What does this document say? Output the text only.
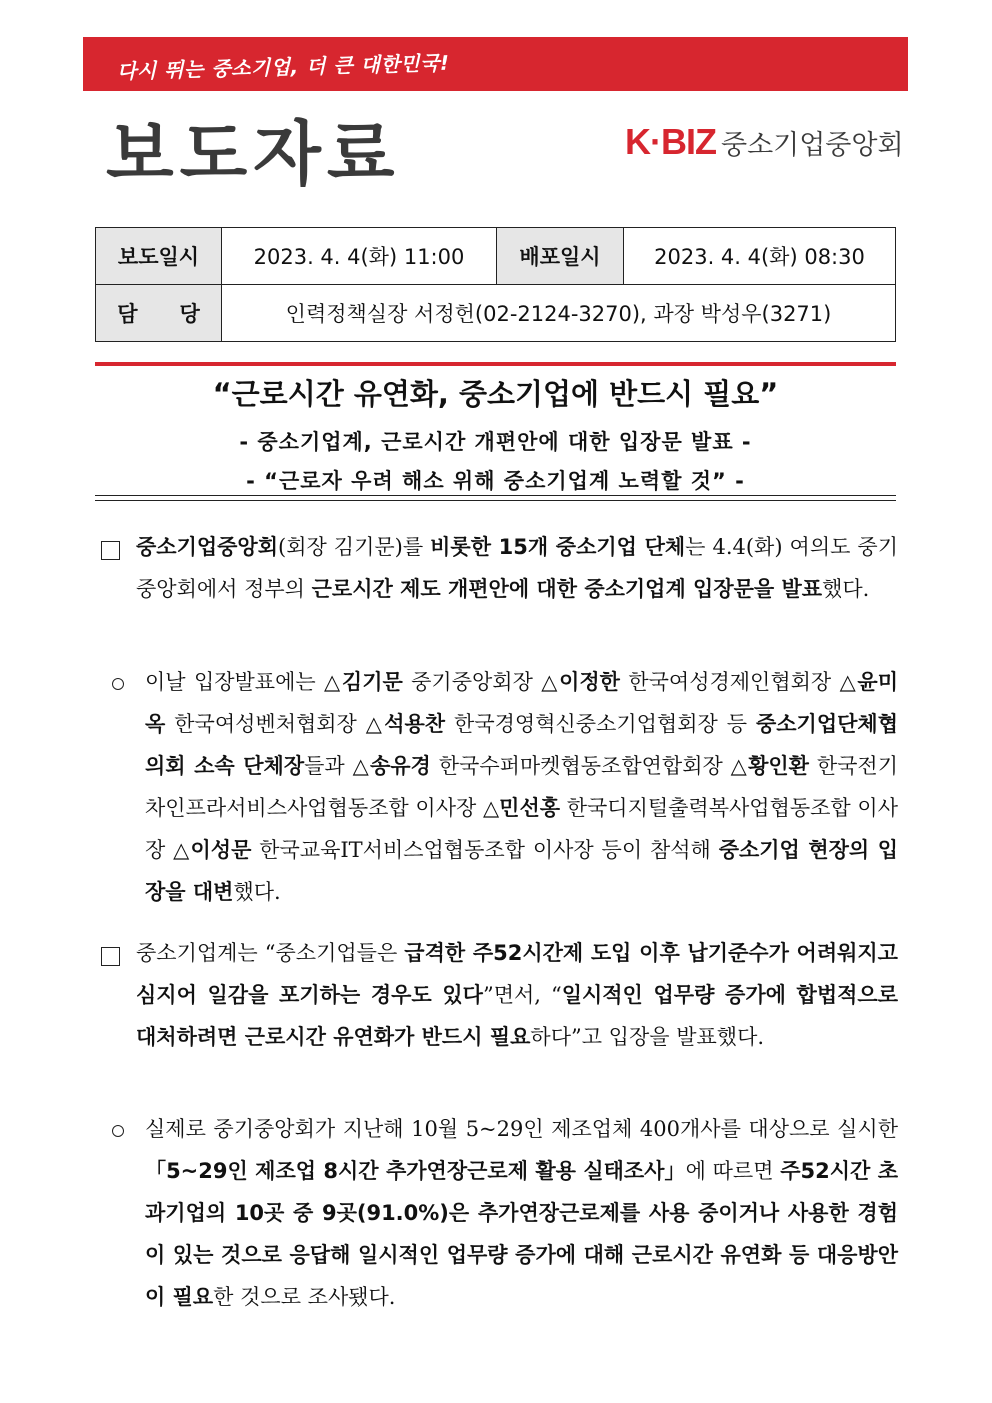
다시 뛰는 중소기업, 더 큰 대한민국!
보도자료	K·BIZ 중소기업중앙회
보도일시	2023. 4. 4(화) 11:00	배포일시	2023. 4. 4(화) 08:30
담　　당	인력정책실장 서정헌(02-2124-3270), 과장 박성우(3271)		
“근로시간 유연화, 중소기업에 반드시 필요”
- 중소기업계, 근로시간 개편안에 대한 입장문 발표 -
- “근로자 우려 해소 위해 중소기업계 노력할 것” -
중소기업중앙회(회장 김기문)를 비롯한 15개 중소기업 단체는 4.4(화) 여의도 중기중앙회에서 정부의 근로시간 제도 개편안에 대한 중소기업계 입장문을 발표했다.
이날 입장발표에는 △김기문 중기중앙회장 △이정한 한국여성경제인협회장 △윤미옥 한국여성벤처협회장 △석용찬 한국경영혁신중소기업협회장 등 중소기업단체협의회 소속 단체장들과 △송유경 한국수퍼마켓협동조합연합회장 △황인환 한국전기차인프라서비스사업협동조합 이사장 △민선홍 한국디지털출력복사업협동조합 이사장 △이성문 한국교육IT서비스업협동조합 이사장 등이 참석해 중소기업 현장의 입장을 대변했다.
중소기업계는 “중소기업들은 급격한 주52시간제 도입 이후 납기준수가 어려워지고 심지어 일감을 포기하는 경우도 있다”면서, “일시적인 업무량 증가에 합법적으로 대처하려면 근로시간 유연화가 반드시 필요하다”고 입장을 발표했다.
실제로 중기중앙회가 지난해 10월 5~29인 제조업체 400개사를 대상으로 실시한 「5~29인 제조업 8시간 추가연장근로제 활용 실태조사」에 따르면 주52시간 초과기업의 10곳 중 9곳(91.0%)은 추가연장근로제를 사용 중이거나 사용한 경험이 있는 것으로 응답해 일시적인 업무량 증가에 대해 근로시간 유연화 등 대응방안이 필요한 것으로 조사됐다.
